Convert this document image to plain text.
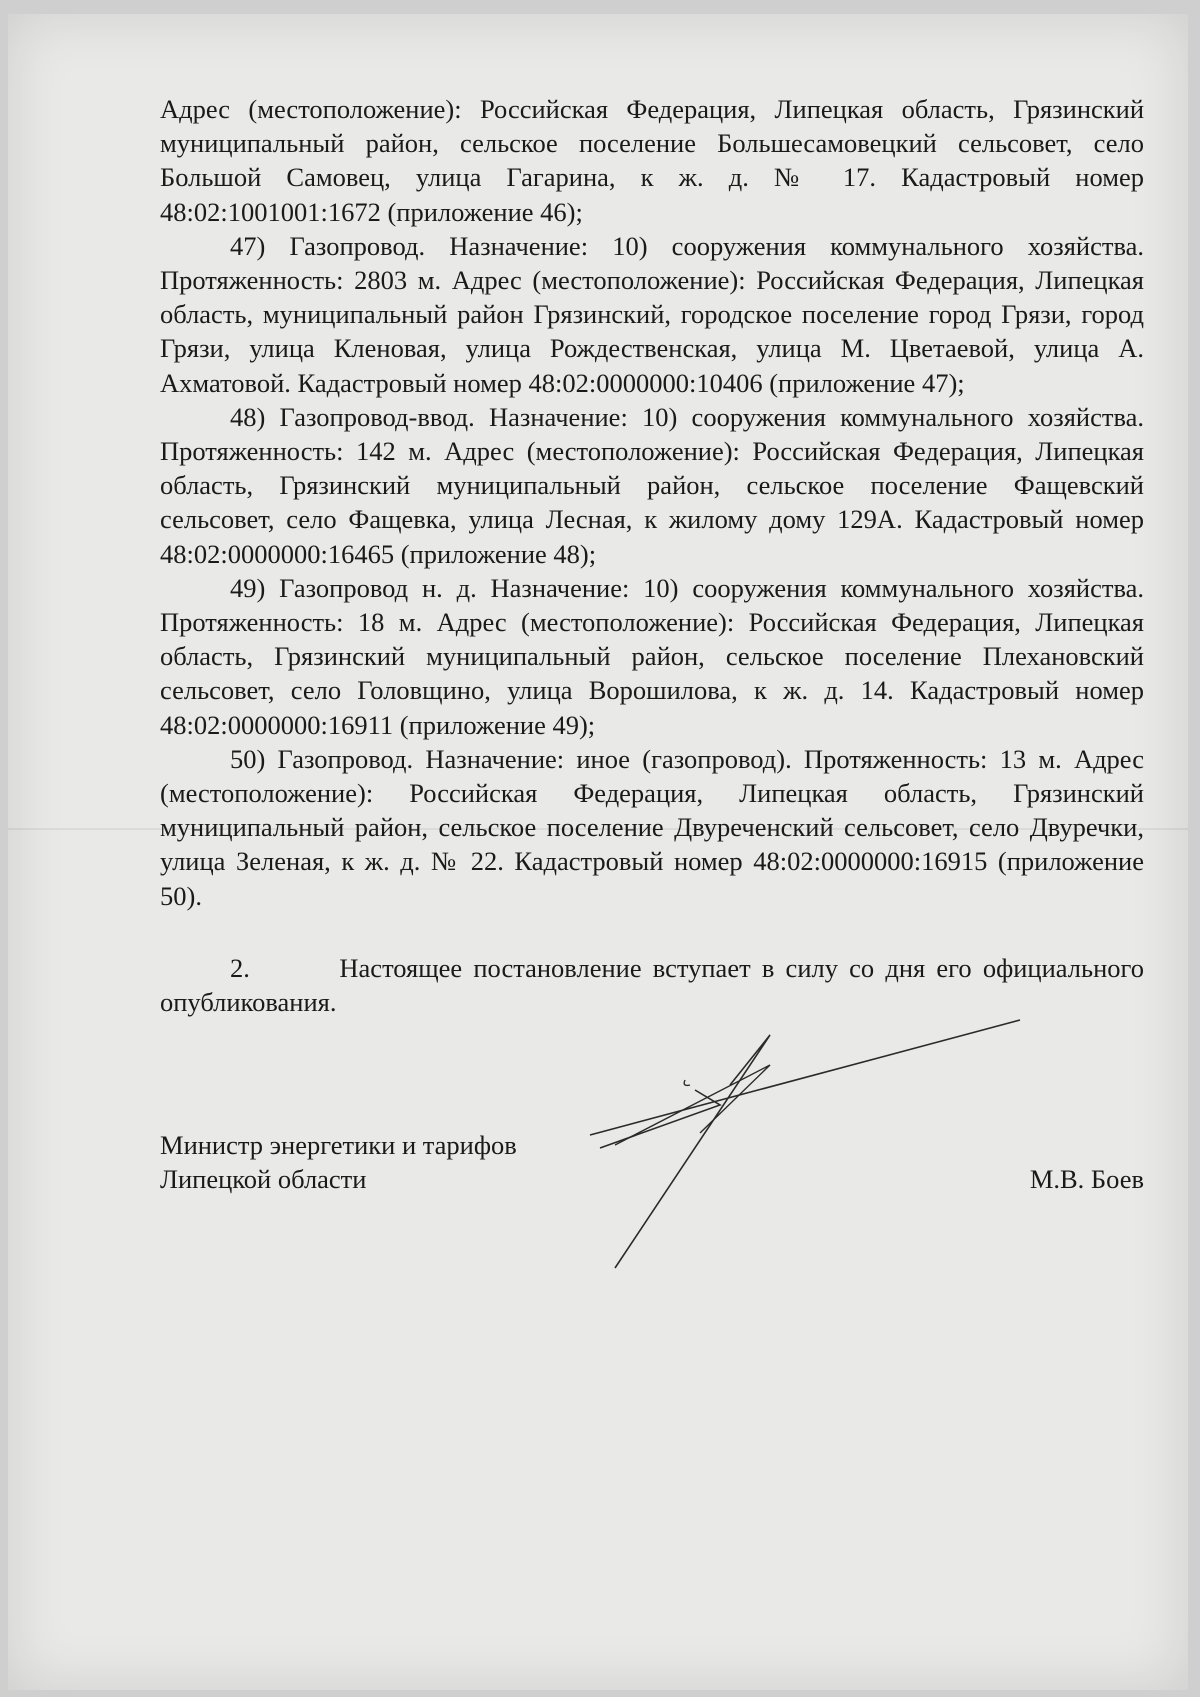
Адрес (местоположение): Российская Федерация, Липецкая область, Грязинский муниципальный район, сельское поселение Большесамовецкий сельсовет, село Большой Самовец, улица Гагарина, к ж. д. № 17. Кадастровый номер 48:02:1001001:1672 (приложение 46);

47) Газопровод. Назначение: 10) сооружения коммунального хозяйства. Протяженность: 2803 м. Адрес (местоположение): Российская Федерация, Липецкая область, муниципальный район Грязинский, городское поселение город Грязи, город Грязи, улица Кленовая, улица Рождественская, улица М. Цветаевой, улица А. Ахматовой. Кадастровый номер 48:02:0000000:10406 (приложение 47);

48) Газопровод-ввод. Назначение: 10) сооружения коммунального хозяйства. Протяженность: 142 м. Адрес (местоположение): Российская Федерация, Липецкая область, Грязинский муниципальный район, сельское поселение Фащевский сельсовет, село Фащевка, улица Лесная, к жилому дому 129А. Кадастровый номер 48:02:0000000:16465 (приложение 48);

49) Газопровод н. д. Назначение: 10) сооружения коммунального хозяйства. Протяженность: 18 м. Адрес (местоположение): Российская Федерация, Липецкая область, Грязинский муниципальный район, сельское поселение Плехановский сельсовет, село Головщино, улица Ворошилова, к ж. д. 14. Кадастровый номер 48:02:0000000:16911 (приложение 49);

50) Газопровод. Назначение: иное (газопровод). Протяженность: 13 м. Адрес (местоположение): Российская Федерация, Липецкая область, Грязинский муниципальный район, сельское поселение Двуреченский сельсовет, село Двуречки, улица Зеленая, к ж. д. № 22. Кадастровый номер 48:02:0000000:16915 (приложение 50).

2.        Настоящее постановление вступает в силу со дня его официального опубликования.

Министр энергетики и тарифов
Липецкой области	М.В. Боев
